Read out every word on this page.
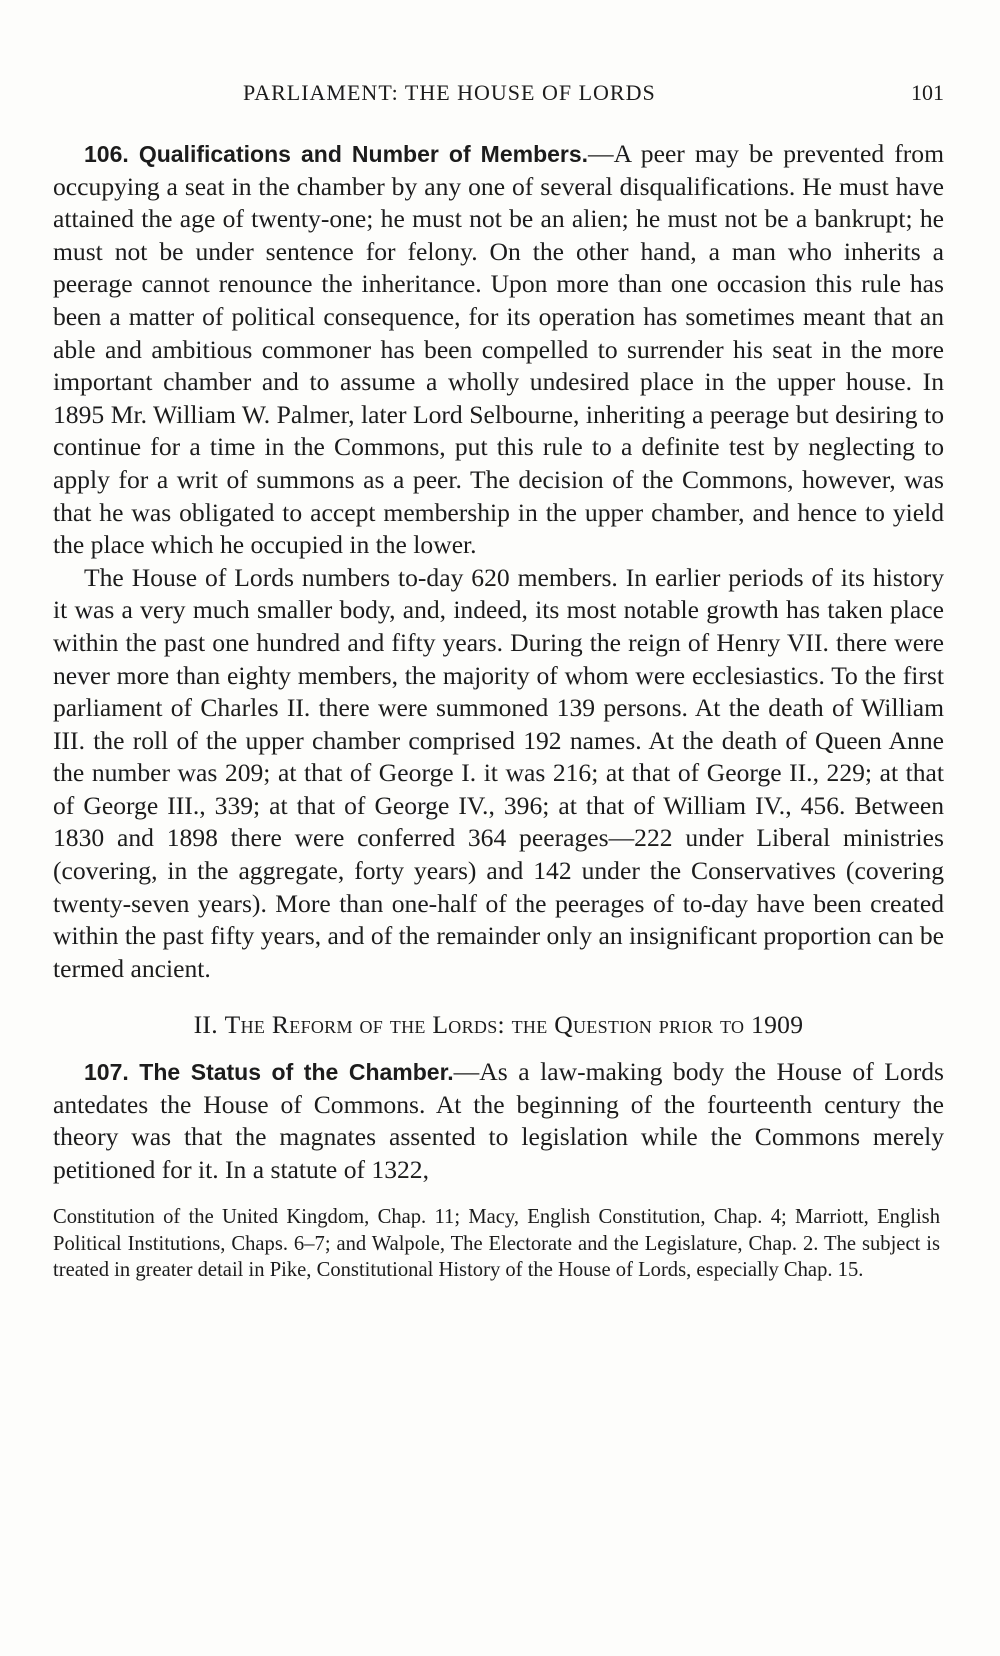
PARLIAMENT: THE HOUSE OF LORDS	101

106. Qualifications and Number of Members.—A peer may be prevented from occupying a seat in the chamber by any one of several disqualifications. He must have attained the age of twenty-one; he must not be an alien; he must not be a bankrupt; he must not be under sentence for felony. On the other hand, a man who inherits a peerage cannot renounce the inheritance. Upon more than one occasion this rule has been a matter of political consequence, for its operation has sometimes meant that an able and ambitious commoner has been compelled to surrender his seat in the more important chamber and to assume a wholly undesired place in the upper house. In 1895 Mr. William W. Palmer, later Lord Selbourne, inheriting a peerage but desiring to continue for a time in the Commons, put this rule to a definite test by neglecting to apply for a writ of summons as a peer. The decision of the Commons, however, was that he was obligated to accept membership in the upper chamber, and hence to yield the place which he occupied in the lower.

The House of Lords numbers to-day 620 members. In earlier periods of its history it was a very much smaller body, and, indeed, its most notable growth has taken place within the past one hundred and fifty years. During the reign of Henry VII. there were never more than eighty members, the majority of whom were ecclesiastics. To the first parliament of Charles II. there were summoned 139 persons. At the death of William III. the roll of the upper chamber comprised 192 names. At the death of Queen Anne the number was 209; at that of George I. it was 216; at that of George II., 229; at that of George III., 339; at that of George IV., 396; at that of William IV., 456. Between 1830 and 1898 there were conferred 364 peerages—222 under Liberal ministries (covering, in the aggregate, forty years) and 142 under the Conservatives (covering twenty-seven years). More than one-half of the peerages of to-day have been created within the past fifty years, and of the remainder only an insignificant proportion can be termed ancient.

II. The Reform of the Lords: the Question prior to 1909

107. The Status of the Chamber.—As a law-making body the House of Lords antedates the House of Commons. At the beginning of the fourteenth century the theory was that the magnates assented to legislation while the Commons merely petitioned for it. In a statute of 1322,

Constitution of the United Kingdom, Chap. 11; Macy, English Constitution, Chap. 4; Marriott, English Political Institutions, Chaps. 6–7; and Walpole, The Electorate and the Legislature, Chap. 2. The subject is treated in greater detail in Pike, Constitutional History of the House of Lords, especially Chap. 15.
